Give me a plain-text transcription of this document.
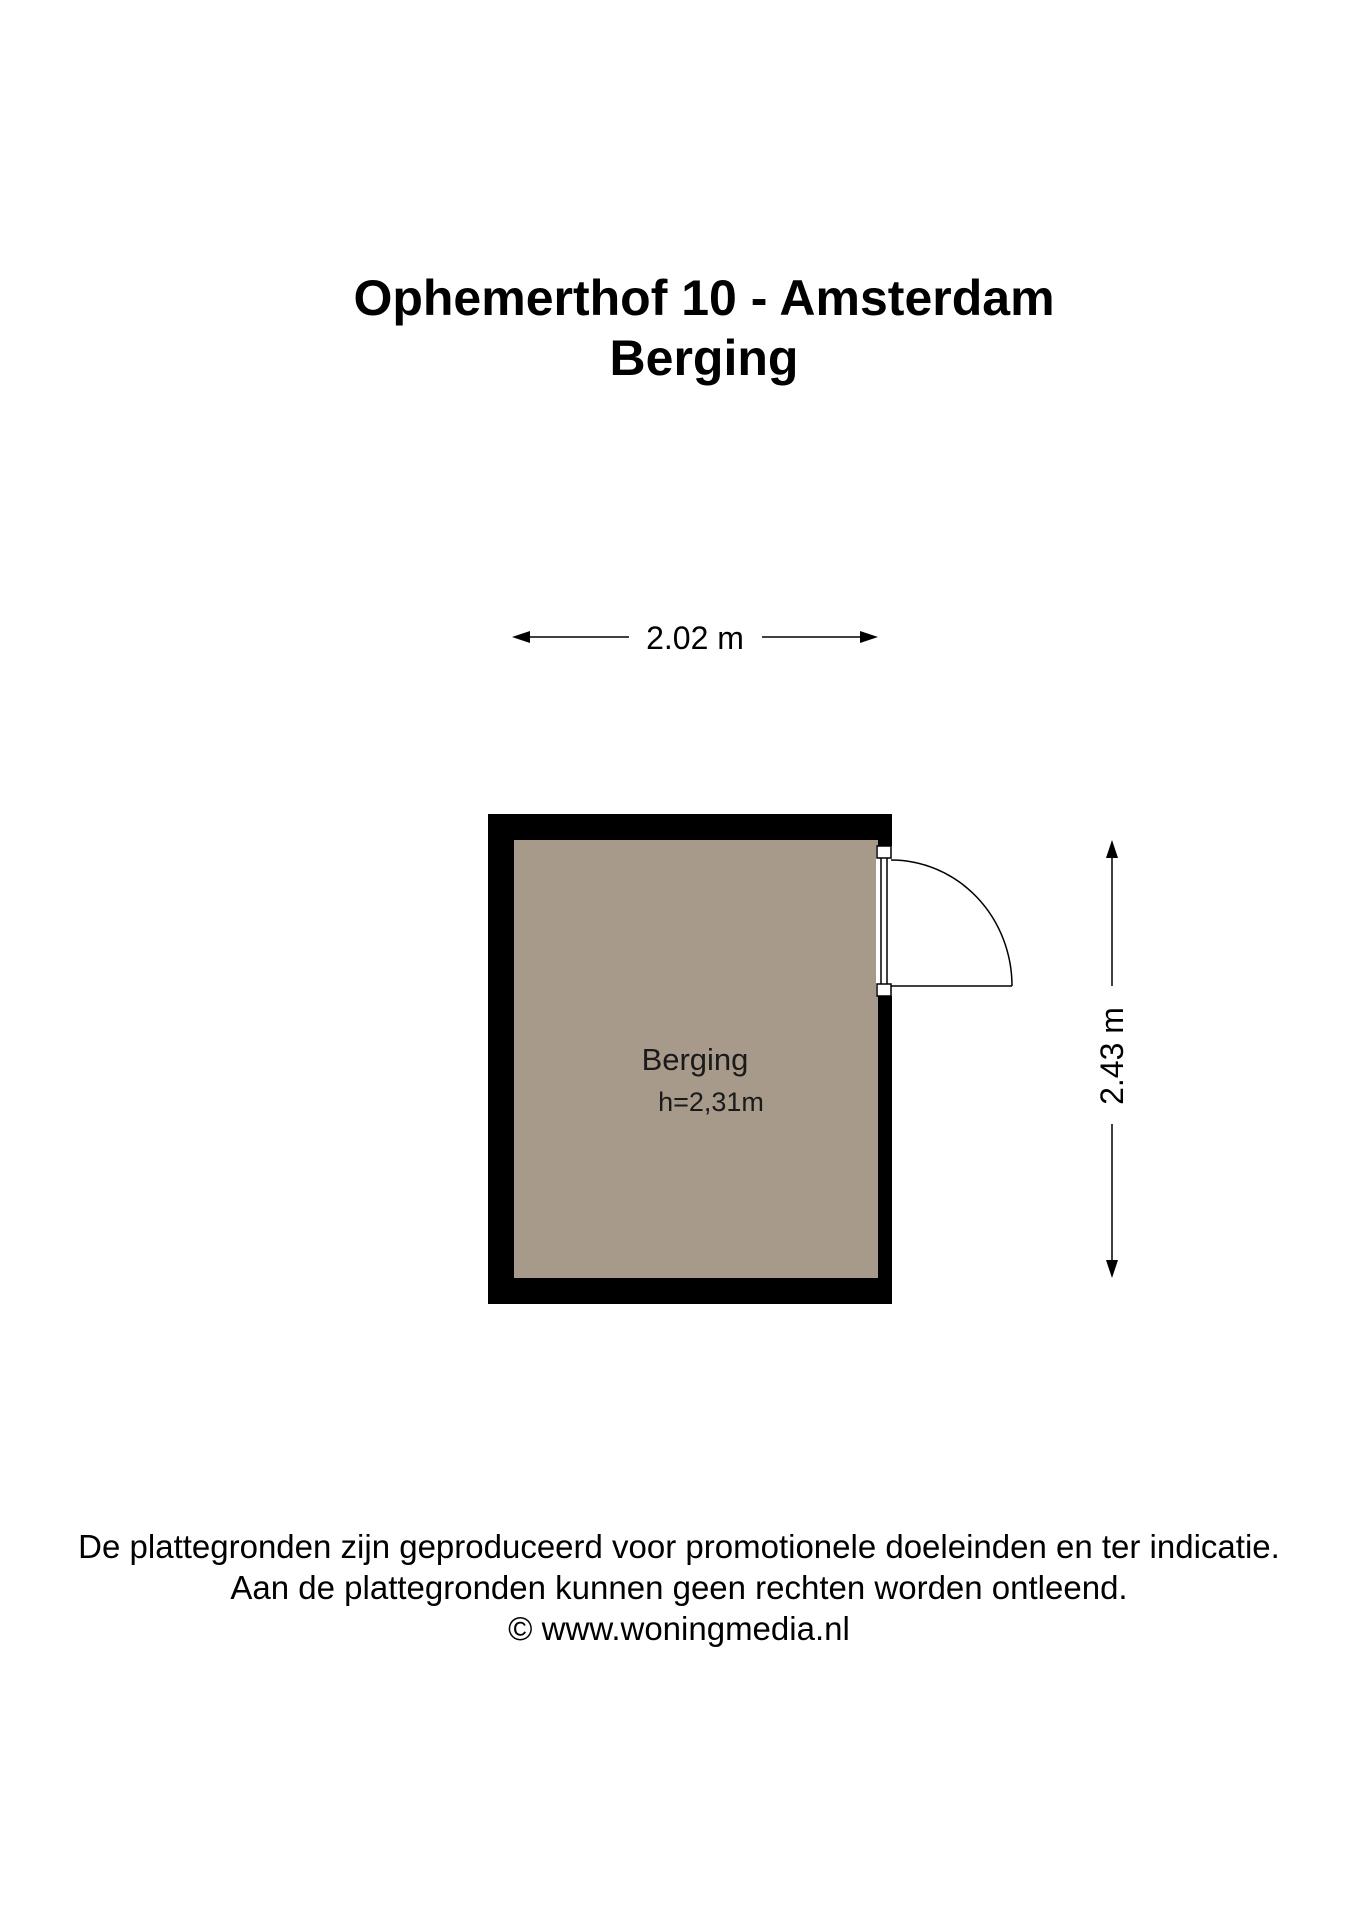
Ophemerthof 10 - Amsterdam
Berging
2.02 m
2.43 m
Berging
h=2,31m
De plattegronden zijn geproduceerd voor promotionele doeleinden en ter indicatie.
Aan de plattegronden kunnen geen rechten worden ontleend.
© www.woningmedia.nl
